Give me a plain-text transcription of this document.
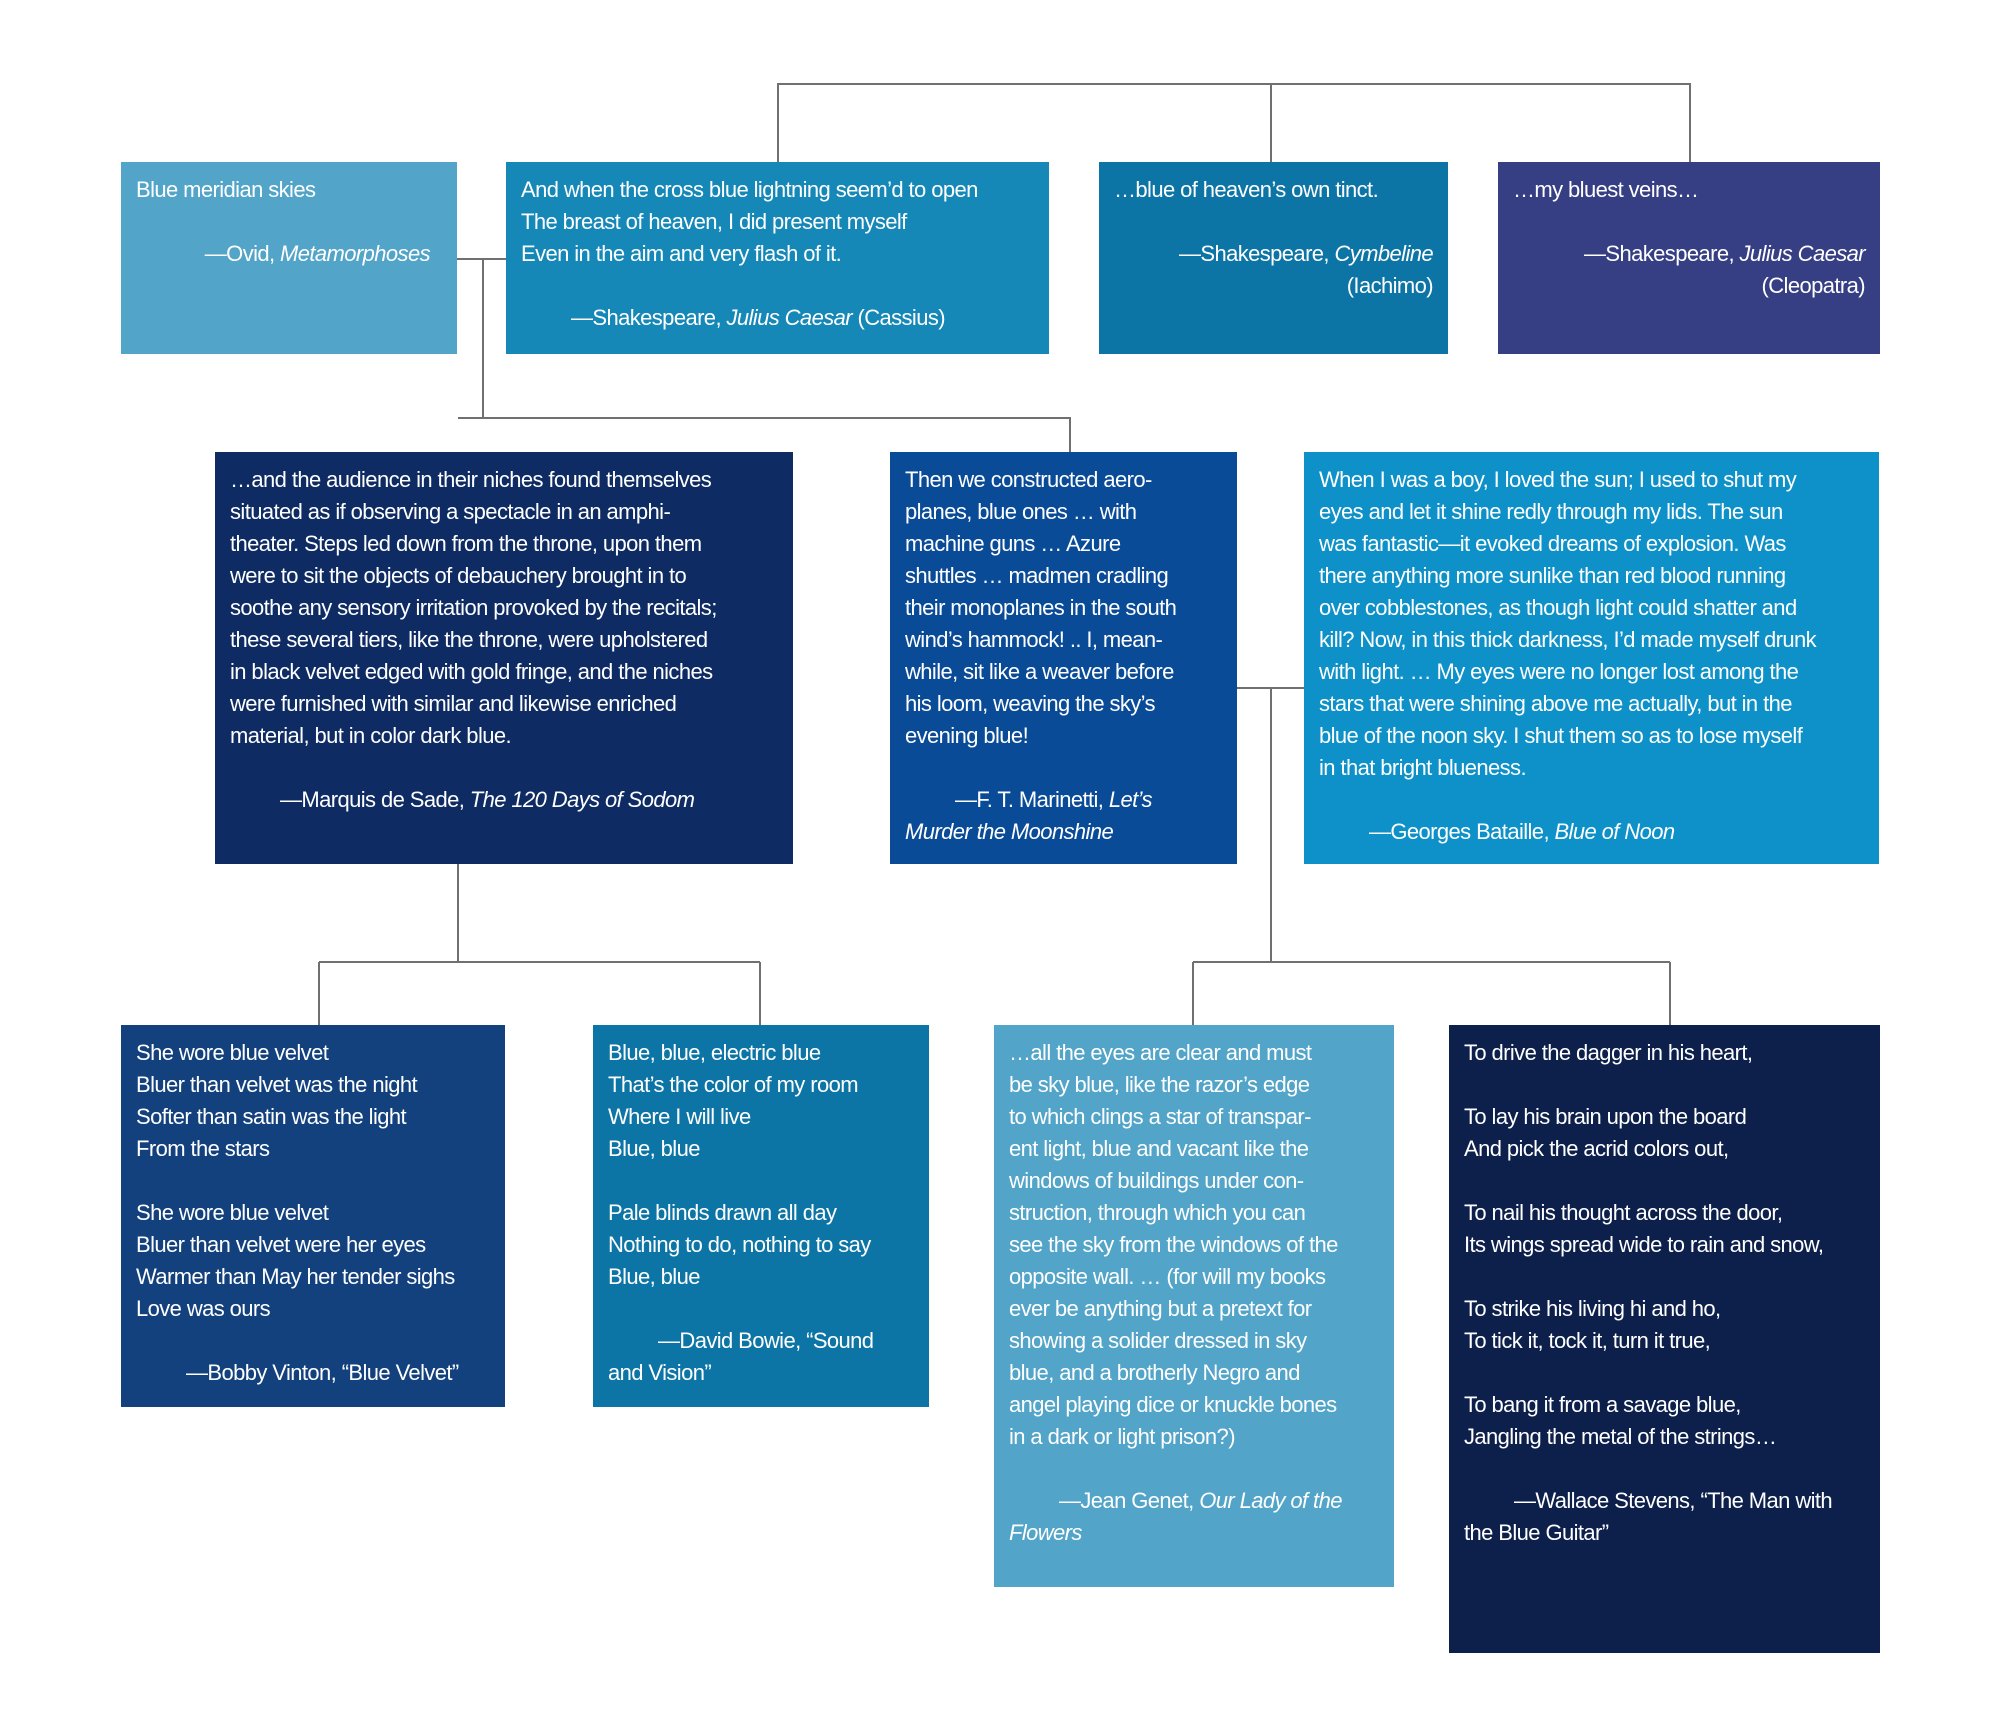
Blue meridian skies

—Ovid, Metamorphoses
And when the cross blue lightning seem’d to open
The breast of heaven, I did present myself
Even in the aim and very flash of it.

—Shakespeare, Julius Caesar (Cassius)
…blue of heaven’s own tinct.

—Shakespeare, Cymbeline
(Iachimo)
…my bluest veins…

—Shakespeare, Julius Caesar
(Cleopatra)
…and the audience in their niches found themselves
situated as if observing a spectacle in an amphi-
theater. Steps led down from the throne, upon them
were to sit the objects of debauchery brought in to
soothe any sensory irritation provoked by the recitals;
these several tiers, like the throne, were upholstered
in black velvet edged with gold fringe, and the niches
were furnished with similar and likewise enriched
material, but in color dark blue.

—Marquis de Sade, The 120 Days of Sodom
Then we constructed aero-
planes, blue ones … with
machine guns … Azure
shuttles … madmen cradling
their monoplanes in the south
wind’s hammock! .. I, mean-
while, sit like a weaver before
his loom, weaving the sky’s
evening blue!

—F. T. Marinetti, Let’s
Murder the Moonshine
When I was a boy, I loved the sun; I used to shut my
eyes and let it shine redly through my lids. The sun
was fantastic—it evoked dreams of explosion. Was
there anything more sunlike than red blood running
over cobblestones, as though light could shatter and
kill? Now, in this thick darkness, I’d made myself drunk
with light. … My eyes were no longer lost among the
stars that were shining above me actually, but in the
blue of the noon sky. I shut them so as to lose myself
in that bright blueness.

—Georges Bataille, Blue of Noon
She wore blue velvet
Bluer than velvet was the night
Softer than satin was the light
From the stars

She wore blue velvet
Bluer than velvet were her eyes
Warmer than May her tender sighs
Love was ours

—Bobby Vinton, “Blue Velvet”
Blue, blue, electric blue
That’s the color of my room
Where I will live
Blue, blue

Pale blinds drawn all day
Nothing to do, nothing to say
Blue, blue

—David Bowie, “Sound
and Vision”
…all the eyes are clear and must
be sky blue, like the razor’s edge
to which clings a star of transpar-
ent light, blue and vacant like the
windows of buildings under con-
struction, through which you can
see the sky from the windows of the
opposite wall. … (for will my books
ever be anything but a pretext for
showing a solider dressed in sky
blue, and a brotherly Negro and
angel playing dice or knuckle bones
in a dark or light prison?)

—Jean Genet, Our Lady of the
Flowers
To drive the dagger in his heart,

To lay his brain upon the board
And pick the acrid colors out,

To nail his thought across the door,
Its wings spread wide to rain and snow,

To strike his living hi and ho,
To tick it, tock it, turn it true,

To bang it from a savage blue,
Jangling the metal of the strings…

—Wallace Stevens, “The Man with
the Blue Guitar”
